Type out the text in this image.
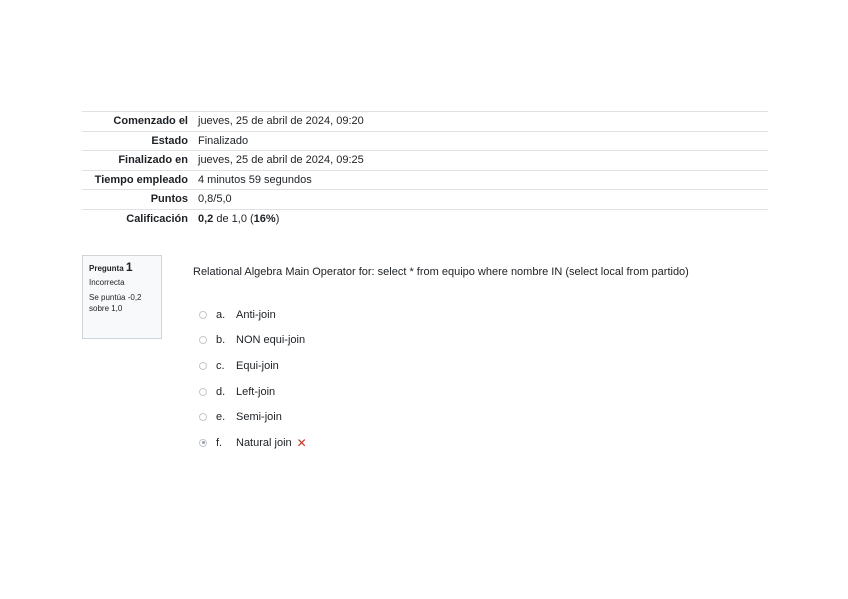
Comenzado el	jueves, 25 de abril de 2024, 09:20
Estado	Finalizado
Finalizado en	jueves, 25 de abril de 2024, 09:25
Tiempo empleado	4 minutos 59 segundos
Puntos	0,8/5,0
Calificación	0,2 de 1,0 (16%)
Pregunta 1
Incorrecta
Se puntúa -0,2 sobre 1,0
Relational Algebra Main Operator for: select * from equipo where nombre IN (select local from partido)
a. Anti-join
b. NON equi-join
c.	Equi-join
d. Left-join
e. Semi-join
f.	Natural join ✕
